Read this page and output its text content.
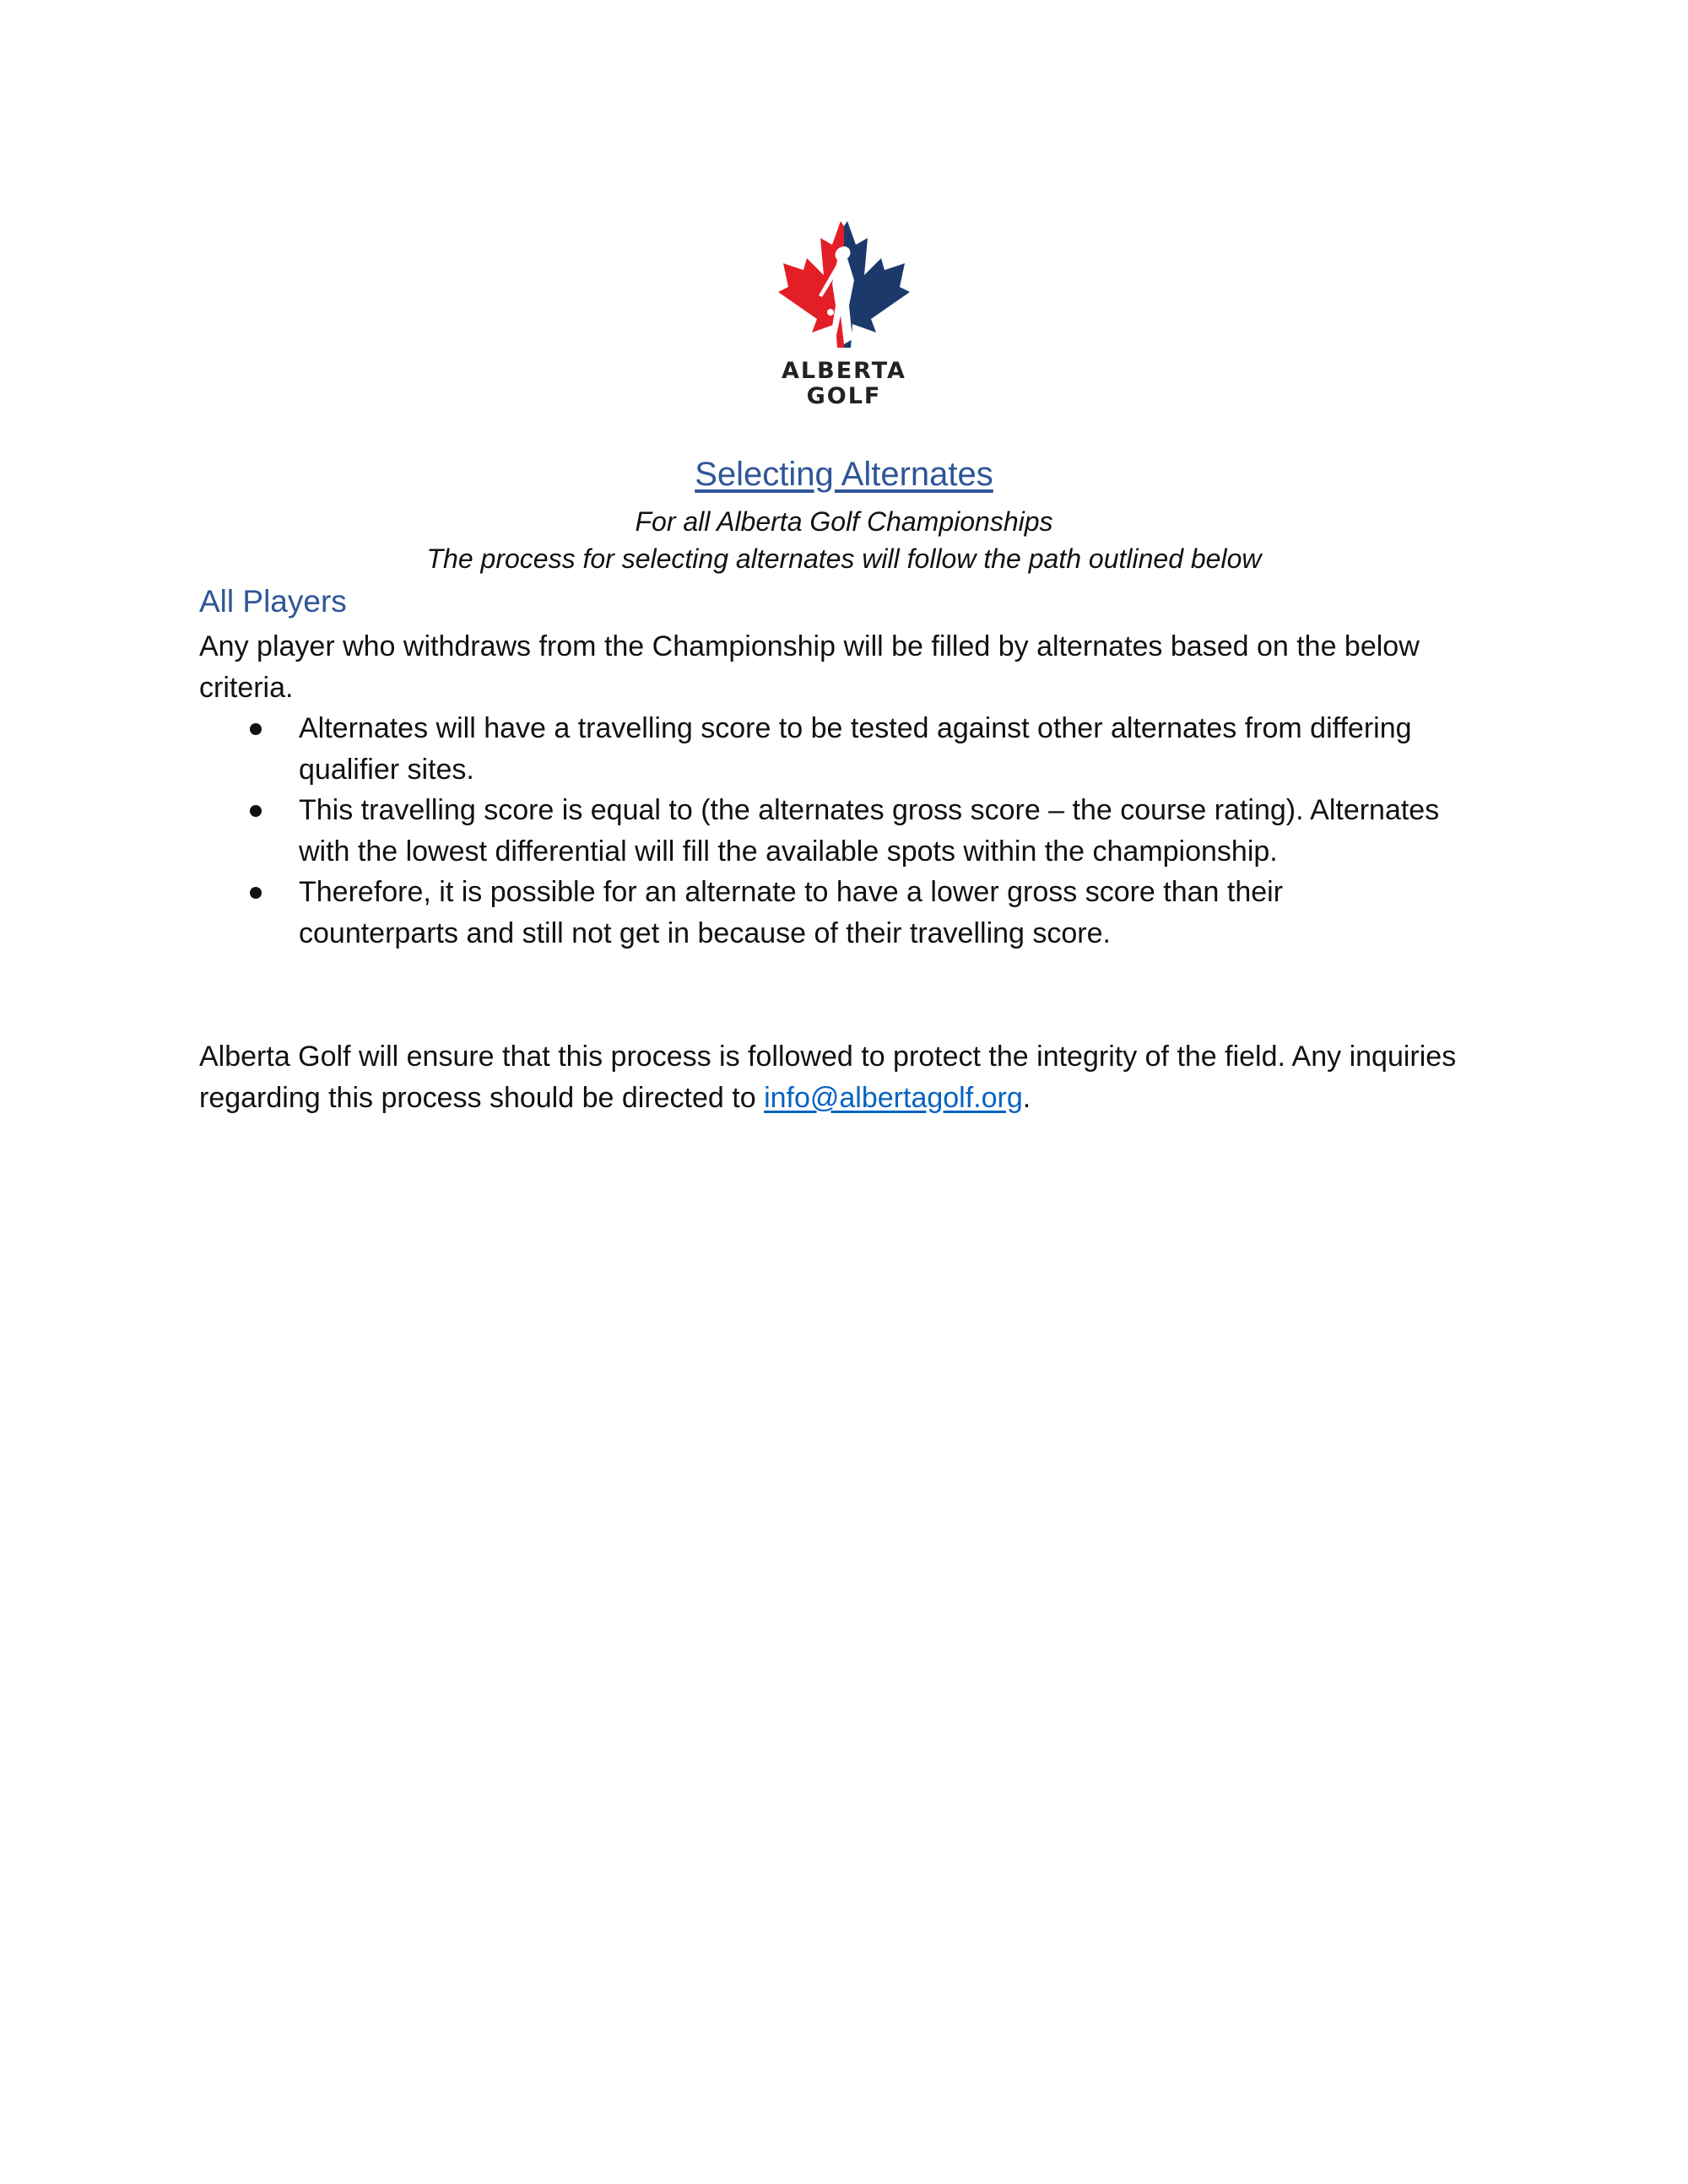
ALBERTA
GOLF
Selecting Alternates
For all Alberta Golf Championships
The process for selecting alternates will follow the path outlined below
All Players
Any player who withdraws from the Championship will be filled by alternates based on the below criteria.
Alternates will have a travelling score to be tested against other alternates from differing qualifier sites.
This travelling score is equal to (the alternates gross score – the course rating). Alternates with the lowest differential will fill the available spots within the championship.
Therefore, it is possible for an alternate to have a lower gross score than their counterparts and still not get in because of their travelling score.
Alberta Golf will ensure that this process is followed to protect the integrity of the field. Any inquiries regarding this process should be directed to info@albertagolf.org.
